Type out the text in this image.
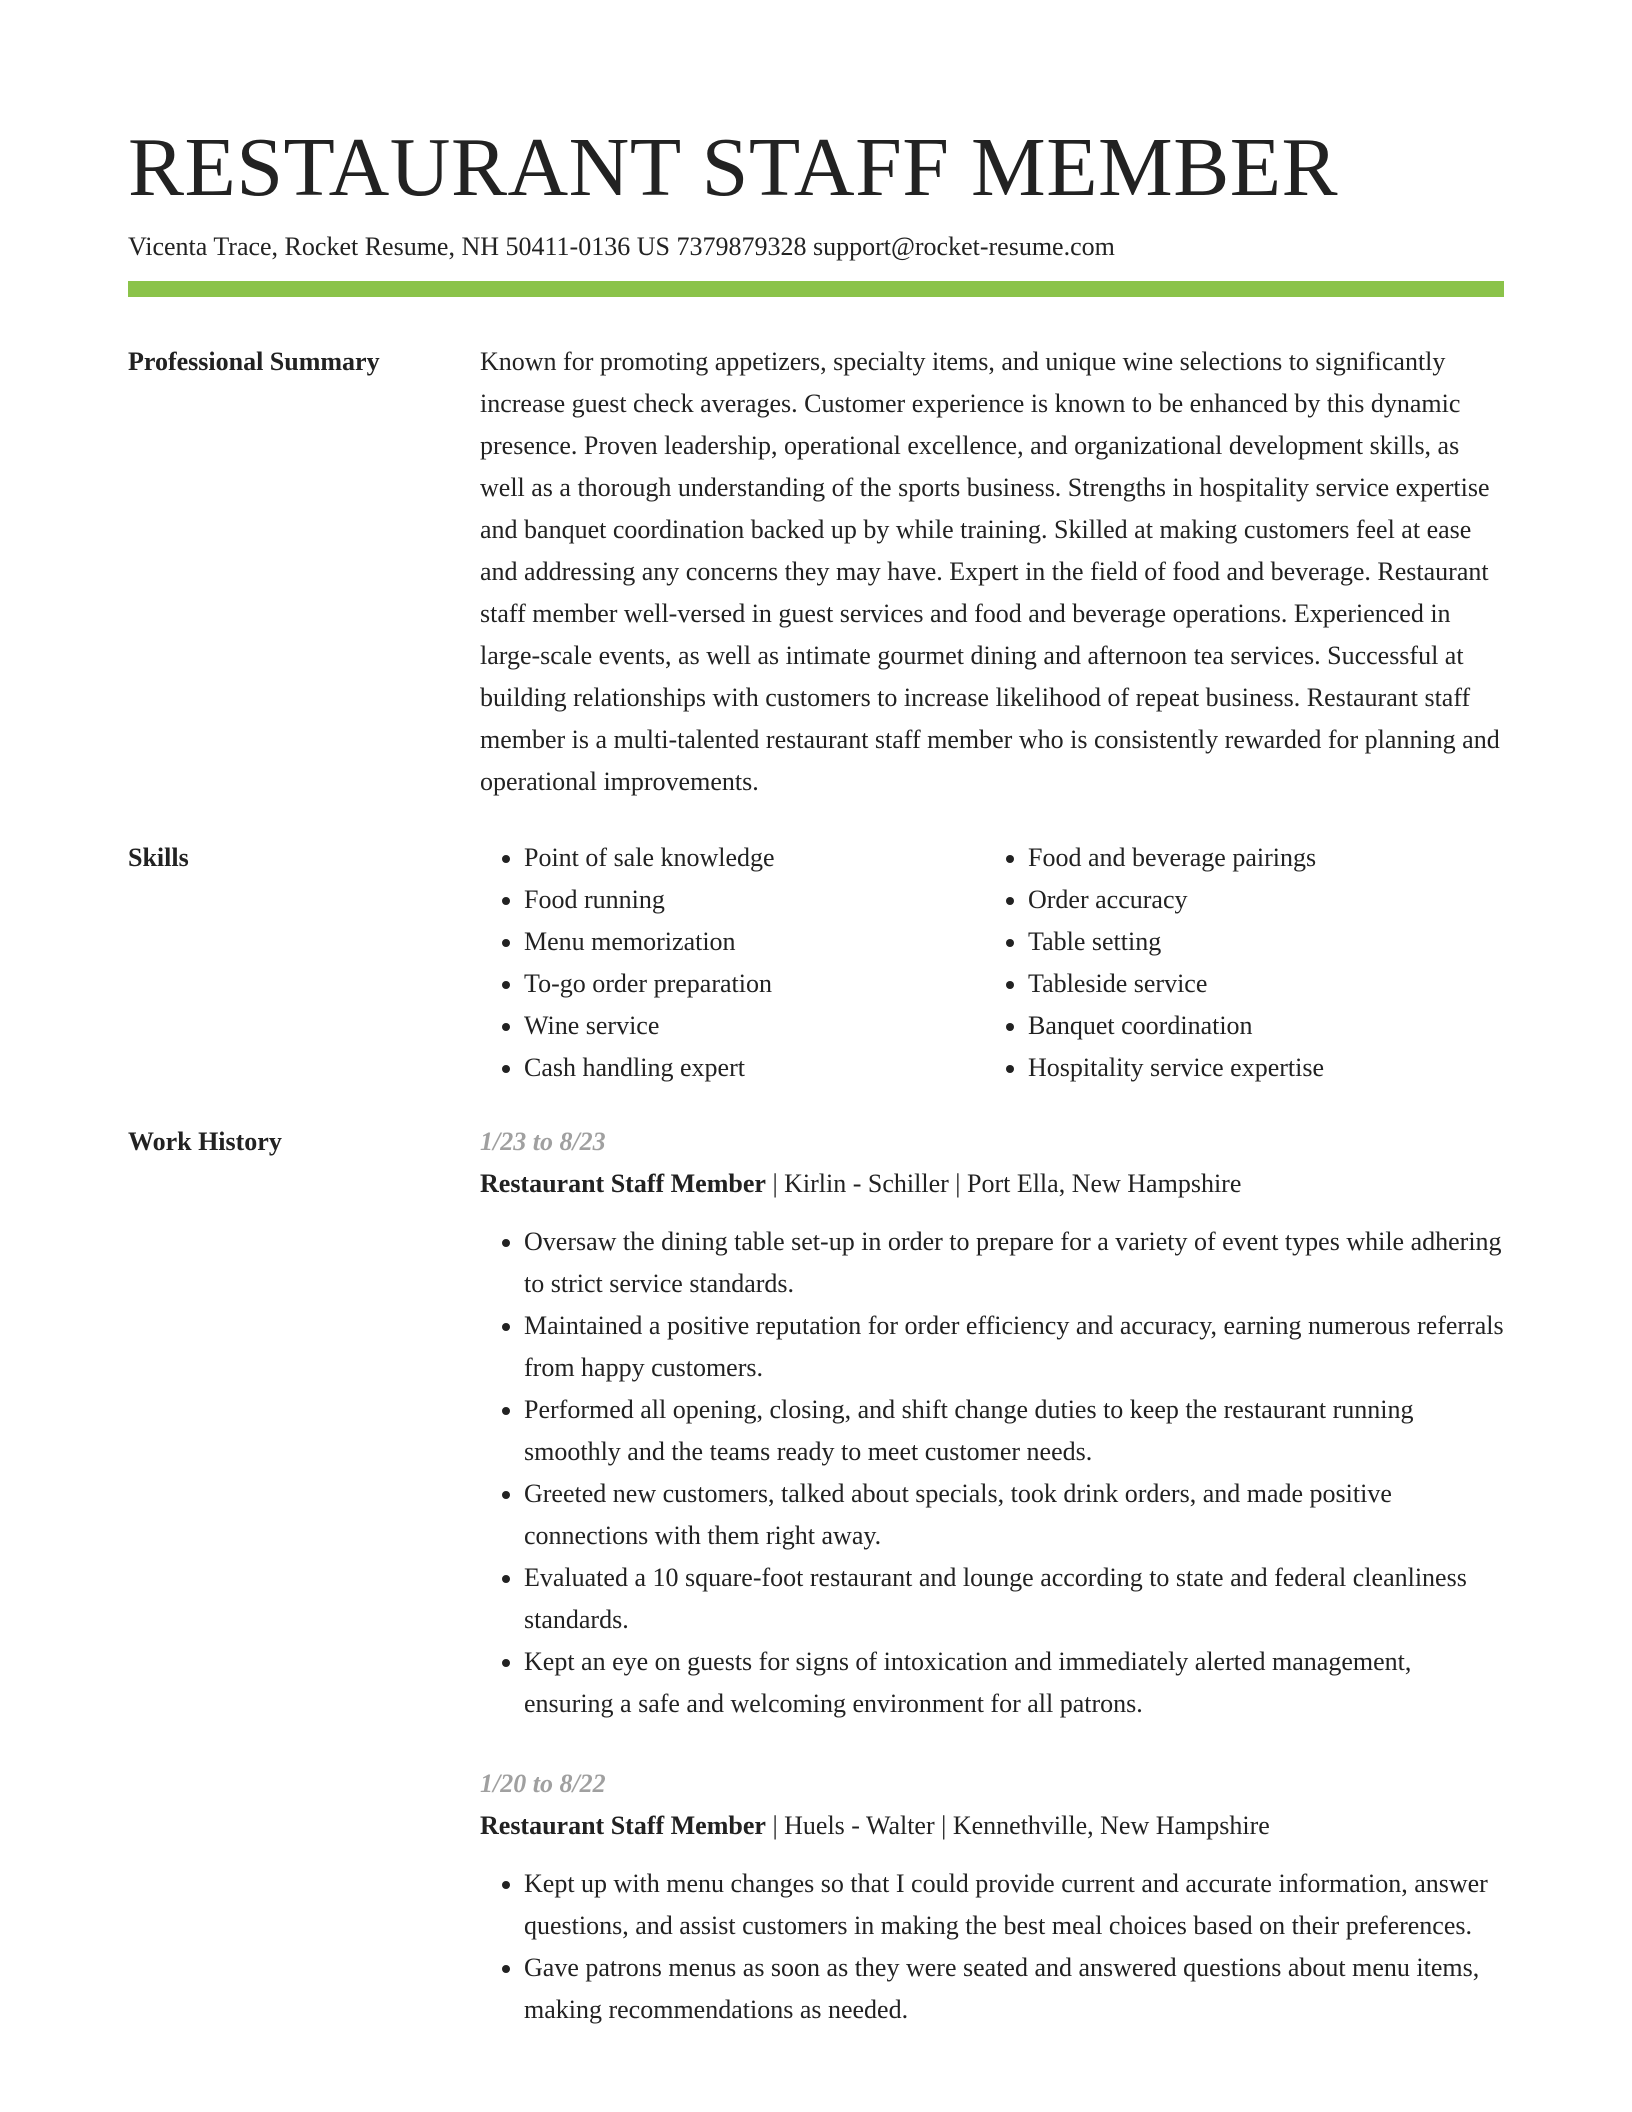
RESTAURANT STAFF MEMBER
Vicenta Trace, Rocket Resume, NH 50411-0136 US 7379879328 support@rocket-resume.com
Professional Summary	Known for promoting appetizers, specialty items, and unique wine selections to significantly increase guest check averages. Customer experience is known to be enhanced by this dynamic presence. Proven leadership, operational excellence, and organizational development skills, as well as a thorough understanding of the sports business. Strengths in hospitality service expertise and banquet coordination backed up by while training. Skilled at making customers feel at ease and addressing any concerns they may have. Expert in the field of food and beverage. Restaurant staff member well-versed in guest services and food and beverage operations. Experienced in large-scale events, as well as intimate gourmet dining and afternoon tea services. Successful at building relationships with customers to increase likelihood of repeat business. Restaurant staff member is a multi-talented restaurant staff member who is consistently rewarded for planning and operational improvements.

Skills
•	Point of sale knowledge
• Food running
• Menu memorization
• To-go order preparation
• Wine service
• Cash handling expert
• Food and beverage pairings
• Order accuracy
• Table setting
• Tableside service
• Banquet coordination
• Hospitality service expertise
Work History	1/23 to 8/23
Restaurant Staff Member | Kirlin - Schiller | Port Ella, New Hampshire
• Oversaw the dining table set-up in order to prepare for a variety of event types while adhering to strict service standards.
• Maintained a positive reputation for order efficiency and accuracy, earning numerous referrals from happy customers.
• Performed all opening, closing, and shift change duties to keep the restaurant running smoothly and the teams ready to meet customer needs.
• Greeted new customers, talked about specials, took drink orders, and made positive connections with them right away.
• Evaluated a 10 square-foot restaurant and lounge according to state and federal cleanliness standards.
• Kept an eye on guests for signs of intoxication and immediately alerted management, ensuring a safe and welcoming environment for all patrons.
1/20 to 8/22
Restaurant Staff Member | Huels - Walter | Kennethville, New Hampshire
• Kept up with menu changes so that I could provide current and accurate information, answer questions, and assist customers in making the best meal choices based on their preferences.
• Gave patrons menus as soon as they were seated and answered questions about menu items, making recommendations as needed.
